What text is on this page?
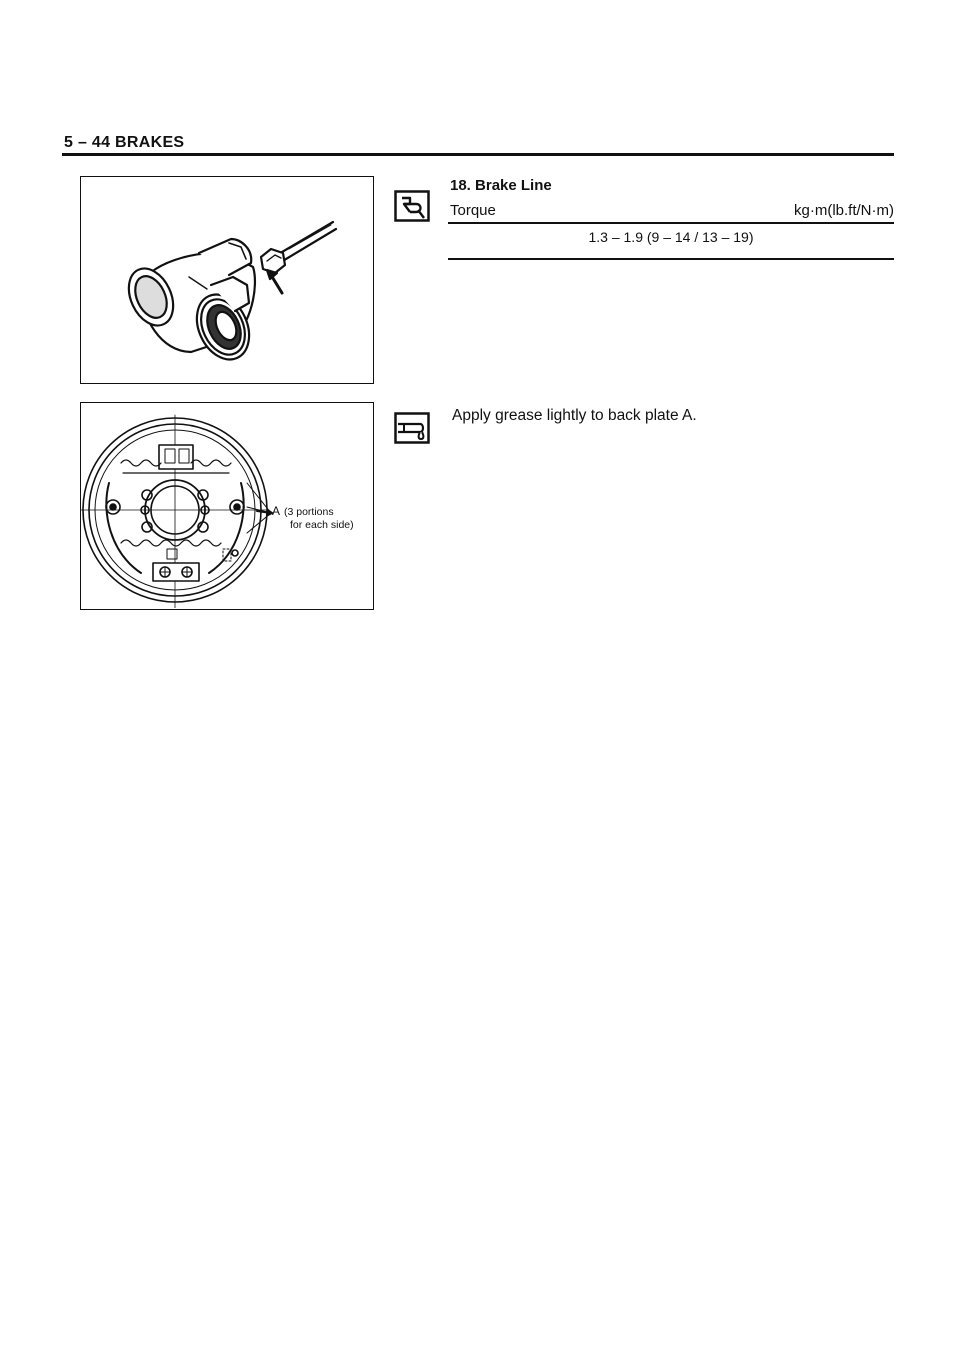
5 – 44 BRAKES
A (3 portions
for each side)
18. Brake Line
Torque	kg·m(lb.ft/N·m)
1.3 – 1.9 (9 – 14 / 13 – 19)
Apply grease lightly to back plate A.
